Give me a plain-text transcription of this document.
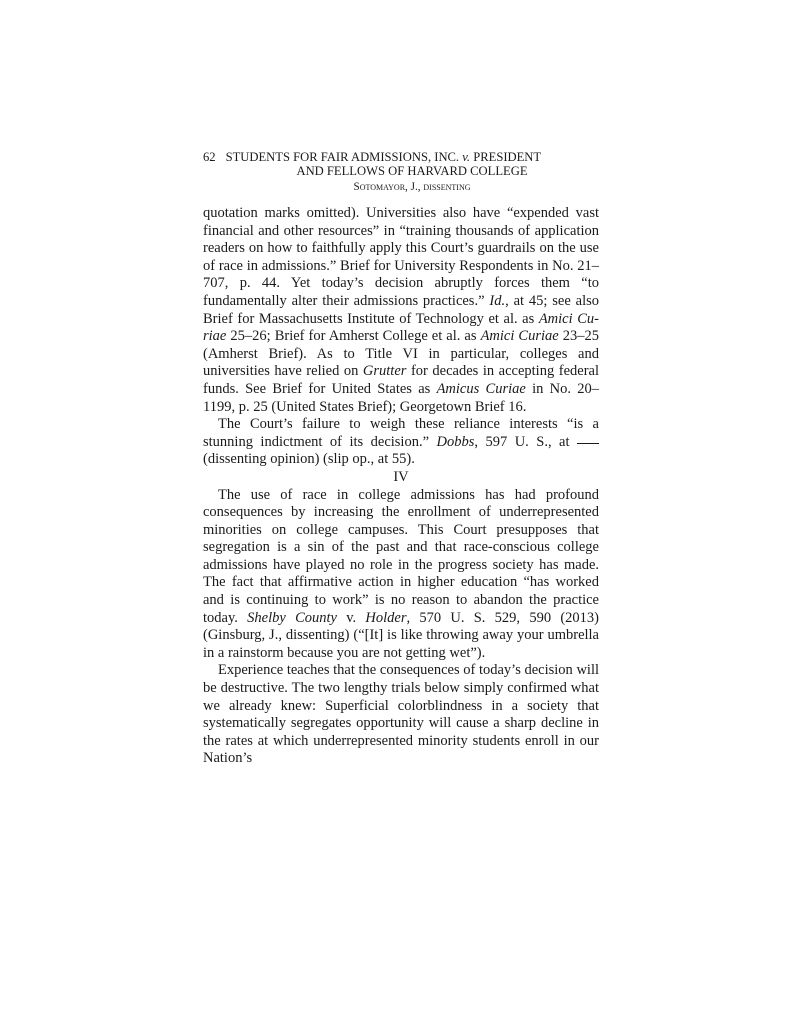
62 STUDENTS FOR FAIR ADMISSIONS, INC. v. PRESIDENT
AND FELLOWS OF HARVARD COLLEGE
Sotomayor, J., dissenting

quotation marks omitted). Universities also have “expended vast financial and other resources” in “training thousands of application readers on how to faithfully apply this Court’s guardrails on the use of race in admissions.” Brief for University Respondents in No. 21–707, p. 44. Yet today’s decision abruptly forces them “to fundamentally alter their admissions practices.” Id., at 45; see also Brief for Massachusetts Institute of Technology et al. as Amici Curiae 25–26; Brief for Amherst College et al. as Amici Curiae 23–25 (Amherst Brief). As to Title VI in particular, colleges and universities have relied on Grutter for decades in accepting federal funds. See Brief for United States as Amicus Curiae in No. 20–1199, p. 25 (United States Brief); Georgetown Brief 16.

The Court’s failure to weigh these reliance interests “is a stunning indictment of its decision.” Dobbs, 597 U. S., at  (dissenting opinion) (slip op., at 55).

IV

The use of race in college admissions has had profound consequences by increasing the enrollment of underrepresented minorities on college campuses. This Court presupposes that segregation is a sin of the past and that race-conscious college admissions have played no role in the progress society has made. The fact that affirmative action in higher education “has worked and is continuing to work” is no reason to abandon the practice today. Shelby County v. Holder, 570 U. S. 529, 590 (2013) (Ginsburg, J., dissenting) (“[It] is like throwing away your umbrella in a rainstorm because you are not getting wet”).

Experience teaches that the consequences of today’s decision will be destructive. The two lengthy trials below simply confirmed what we already knew: Superficial colorblindness in a society that systematically segregates opportunity will cause a sharp decline in the rates at which underrepresented minority students enroll in our Nation’s
